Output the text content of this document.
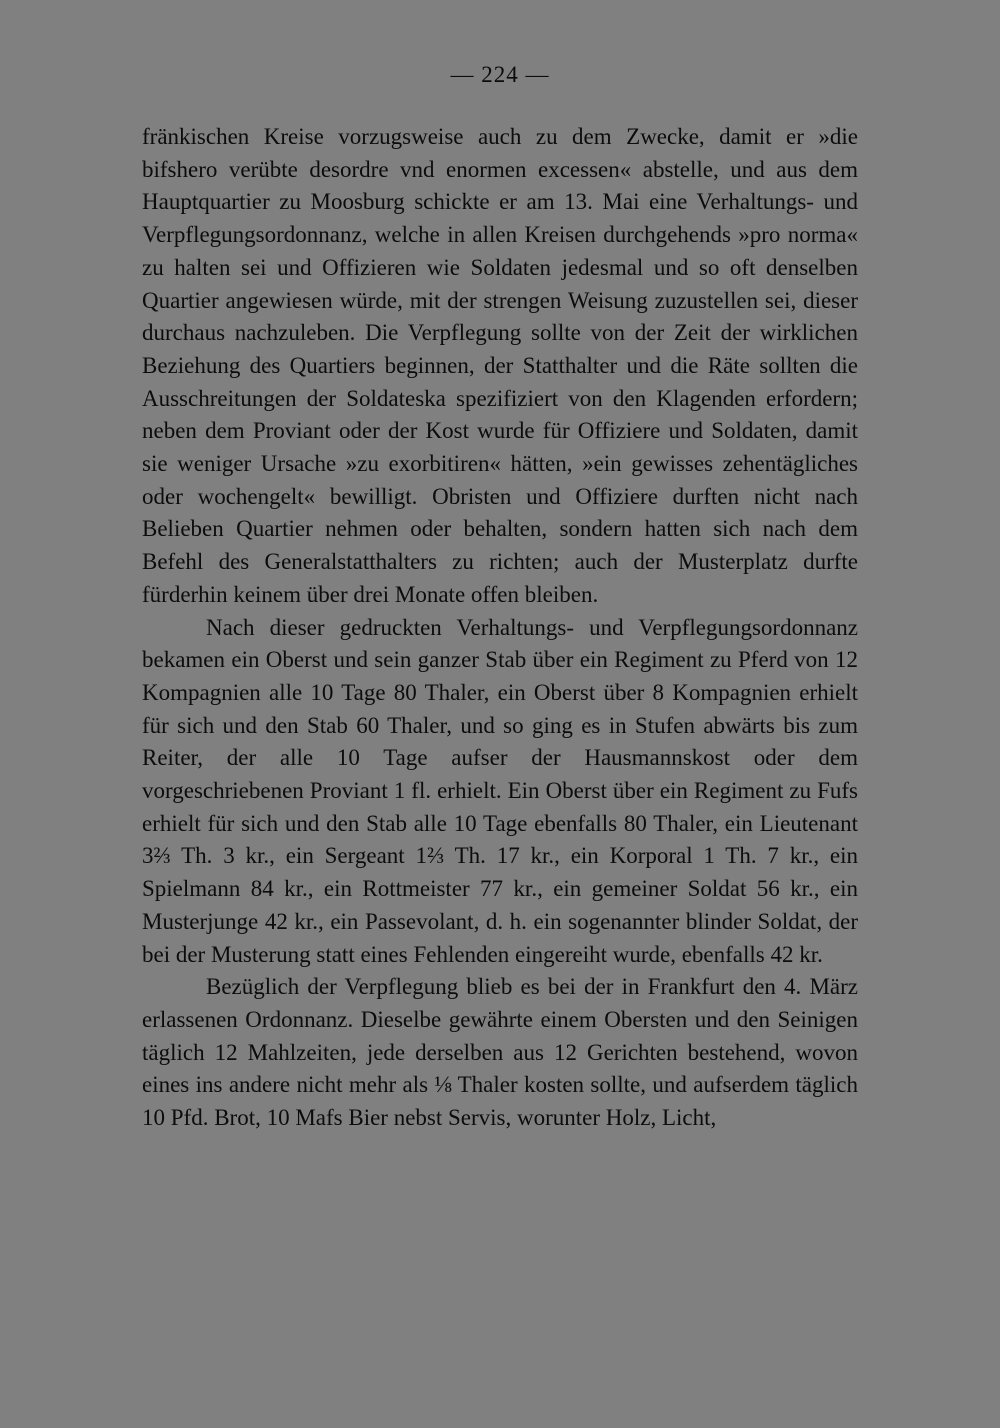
— 224 —

fränkischen Kreise vorzugsweise auch zu dem Zwecke, damit er »die bifshero verübte desordre vnd enormen excessen« abstelle, und aus dem Hauptquartier zu Moosburg schickte er am 13. Mai eine Verhaltungs- und Verpflegungsordonnanz, welche in allen Kreisen durchgehends »pro norma« zu halten sei und Offizieren wie Soldaten jedesmal und so oft denselben Quartier angewiesen würde, mit der strengen Weisung zuzustellen sei, dieser durchaus nachzuleben. Die Verpflegung sollte von der Zeit der wirklichen Beziehung des Quartiers beginnen, der Statthalter und die Räte sollten die Ausschreitungen der Soldateska spezifiziert von den Klagenden erfordern; neben dem Proviant oder der Kost wurde für Offiziere und Soldaten, damit sie weniger Ursache »zu exorbitiren« hätten, »ein gewisses zehentägliches oder wochengelt« bewilligt. Obristen und Offiziere durften nicht nach Belieben Quartier nehmen oder behalten, sondern hatten sich nach dem Befehl des Generalstatthalters zu richten; auch der Musterplatz durfte fürderhin keinem über drei Monate offen bleiben.

Nach dieser gedruckten Verhaltungs- und Verpflegungsordonnanz bekamen ein Oberst und sein ganzer Stab über ein Regiment zu Pferd von 12 Kompagnien alle 10 Tage 80 Thaler, ein Oberst über 8 Kompagnien erhielt für sich und den Stab 60 Thaler, und so ging es in Stufen abwärts bis zum Reiter, der alle 10 Tage aufser der Hausmannskost oder dem vorgeschriebenen Proviant 1 fl. erhielt. Ein Oberst über ein Regiment zu Fufs erhielt für sich und den Stab alle 10 Tage ebenfalls 80 Thaler, ein Lieutenant 3⅔ Th. 3 kr., ein Sergeant 1⅔ Th. 17 kr., ein Korporal 1 Th. 7 kr., ein Spielmann 84 kr., ein Rottmeister 77 kr., ein gemeiner Soldat 56 kr., ein Musterjunge 42 kr., ein Passevolant, d. h. ein sogenannter blinder Soldat, der bei der Musterung statt eines Fehlenden eingereiht wurde, ebenfalls 42 kr.

Bezüglich der Verpflegung blieb es bei der in Frankfurt den 4. März erlassenen Ordonnanz. Dieselbe gewährte einem Obersten und den Seinigen täglich 12 Mahlzeiten, jede derselben aus 12 Gerichten bestehend, wovon eines ins andere nicht mehr als ⅛ Thaler kosten sollte, und aufserdem täglich 10 Pfd. Brot, 10 Mafs Bier nebst Servis, worunter Holz, Licht,
